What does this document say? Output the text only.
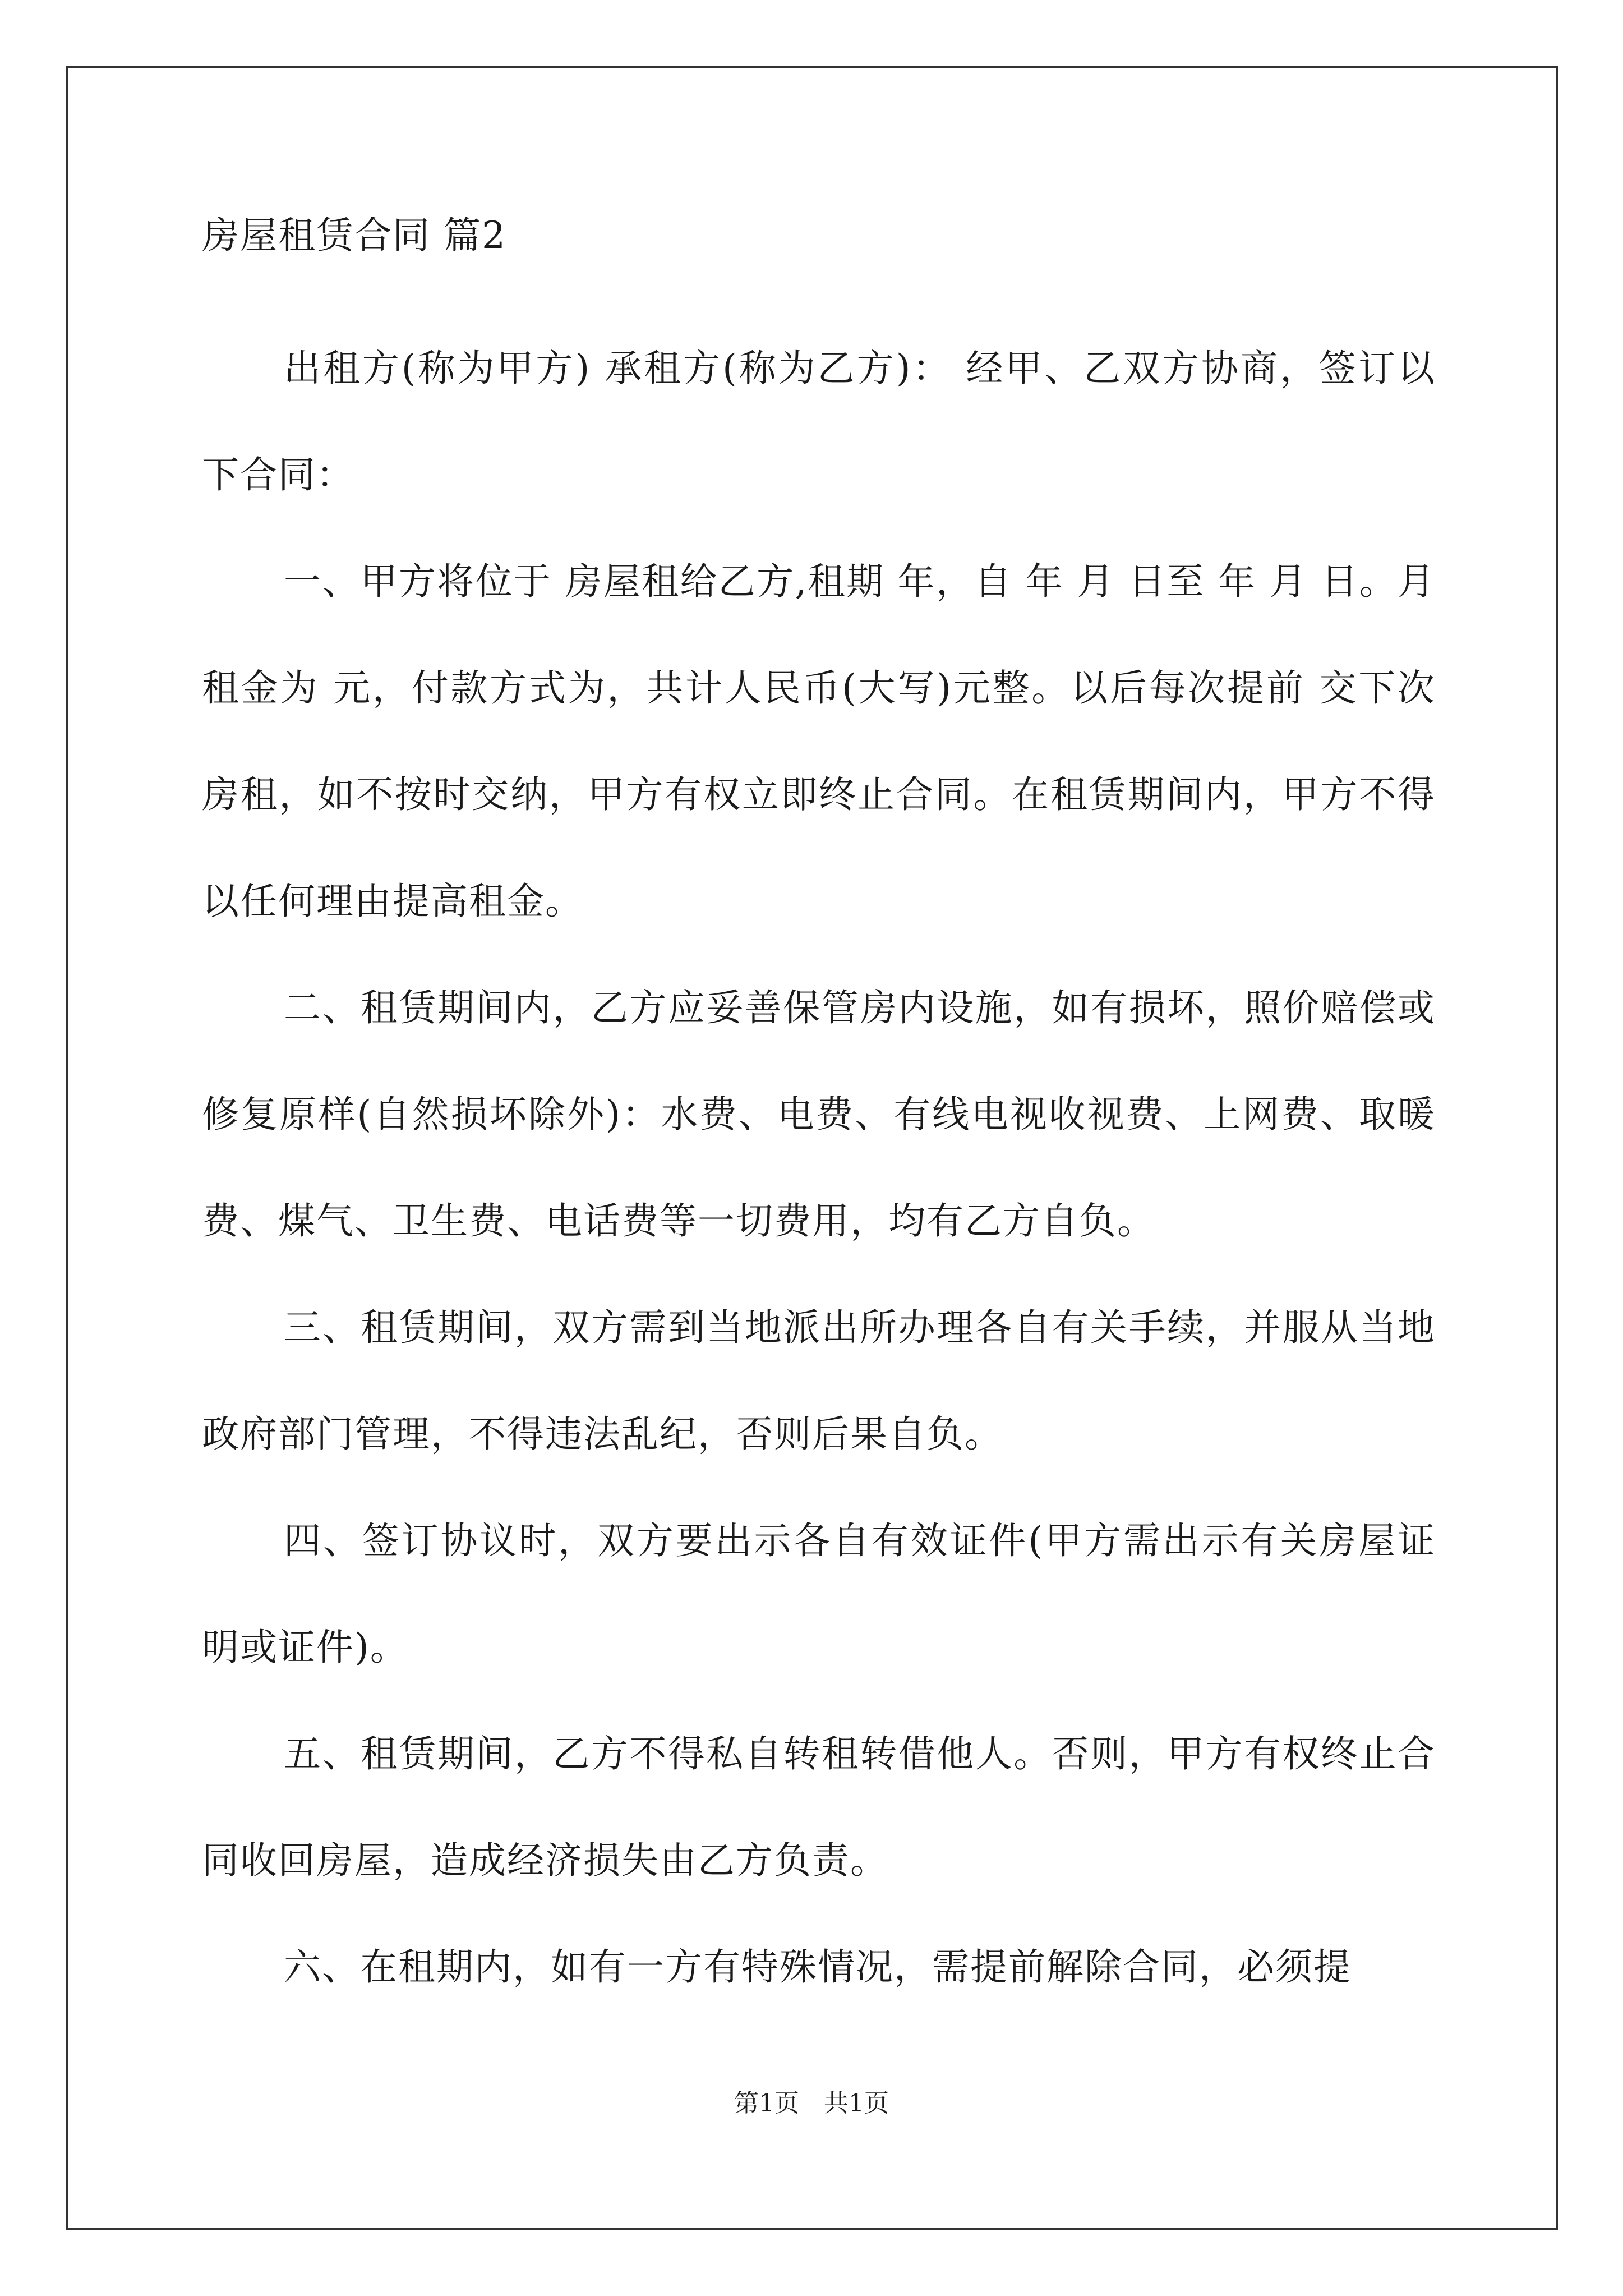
房屋租赁合同 篇2

出租方(称为甲方) 承租方(称为乙方)： 经甲、乙双方协商，签订以下合同：

一、甲方将位于 房屋租给乙方,租期 年，自 年 月 日至 年 月 日。月租金为 元，付款方式为，共计人民币(大写)元整。以后每次提前 交下次房租，如不按时交纳，甲方有权立即终止合同。在租赁期间内，甲方不得以任何理由提高租金。

二、租赁期间内，乙方应妥善保管房内设施，如有损坏，照价赔偿或修复原样(自然损坏除外)：水费、电费、有线电视收视费、上网费、取暖费、煤气、卫生费、电话费等一切费用，均有乙方自负。

三、租赁期间，双方需到当地派出所办理各自有关手续，并服从当地政府部门管理，不得违法乱纪，否则后果自负。

四、签订协议时，双方要出示各自有效证件(甲方需出示有关房屋证明或证件)。

五、租赁期间，乙方不得私自转租转借他人。否则，甲方有权终止合同收回房屋，造成经济损失由乙方负责。

六、在租期内，如有一方有特殊情况，需提前解除合同，必须提

第1页 共1页
